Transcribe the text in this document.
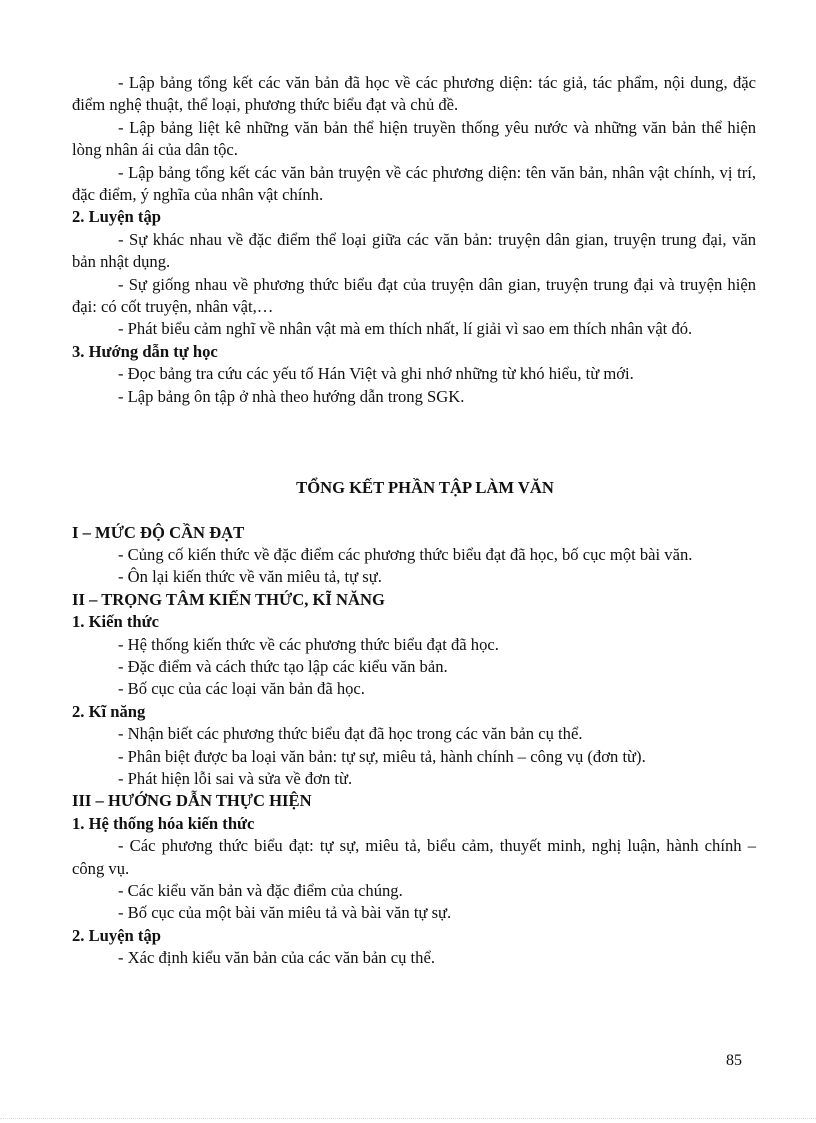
- Lập bảng tổng kết các văn bản đã học về các phương diện: tác giả, tác phẩm, nội dung, đặc điểm nghệ thuật, thể loại, phương thức biểu đạt và chủ đề.

- Lập bảng liệt kê những văn bản thể hiện truyền thống yêu nước và những văn bản thể hiện lòng nhân ái của dân tộc.

- Lập bảng tổng kết các văn bản truyện về các phương diện: tên văn bản, nhân vật chính, vị trí, đặc điểm, ý nghĩa của nhân vật chính.

2. Luyện tập

- Sự khác nhau về đặc điểm thể loại giữa các văn bản: truyện dân gian, truyện trung đại, văn bản nhật dụng.

- Sự giống nhau về phương thức biểu đạt của truyện dân gian, truyện trung đại và truyện hiện đại: có cốt truyện, nhân vật,…

- Phát biểu cảm nghĩ về nhân vật mà em thích nhất, lí giải vì sao em thích nhân vật đó.

3. Hướng dẫn tự học

- Đọc bảng tra cứu các yếu tố Hán Việt và ghi nhớ những từ khó hiểu, từ mới.

- Lập bảng ôn tập ở nhà theo hướng dẫn trong SGK.

TỔNG KẾT PHẦN TẬP LÀM VĂN

I – MỨC ĐỘ CẦN ĐẠT

- Củng cố kiến thức về đặc điểm các phương thức biểu đạt đã học, bố cục một bài văn.

- Ôn lại kiến thức về văn miêu tả, tự sự.

II – TRỌNG TÂM KIẾN THỨC, KĨ NĂNG

1. Kiến thức

- Hệ thống kiến thức về các phương thức biểu đạt đã học.

- Đặc điểm và cách thức tạo lập các kiểu văn bản.

- Bố cục của các loại văn bản đã học.

2. Kĩ năng

- Nhận biết các phương thức biểu đạt đã học trong các văn bản cụ thể.

- Phân biệt được ba loại văn bản: tự sự, miêu tả, hành chính – công vụ (đơn từ).

- Phát hiện lỗi sai và sửa về đơn từ.

III – HƯỚNG DẪN THỰC HIỆN

1. Hệ thống hóa kiến thức

- Các phương thức biểu đạt: tự sự, miêu tả, biểu cảm, thuyết minh, nghị luận, hành chính – công vụ.

- Các kiểu văn bản và đặc điểm của chúng.

- Bố cục của một bài văn miêu tả và bài văn tự sự.

2. Luyện tập

- Xác định kiểu văn bản của các văn bản cụ thể.

85
